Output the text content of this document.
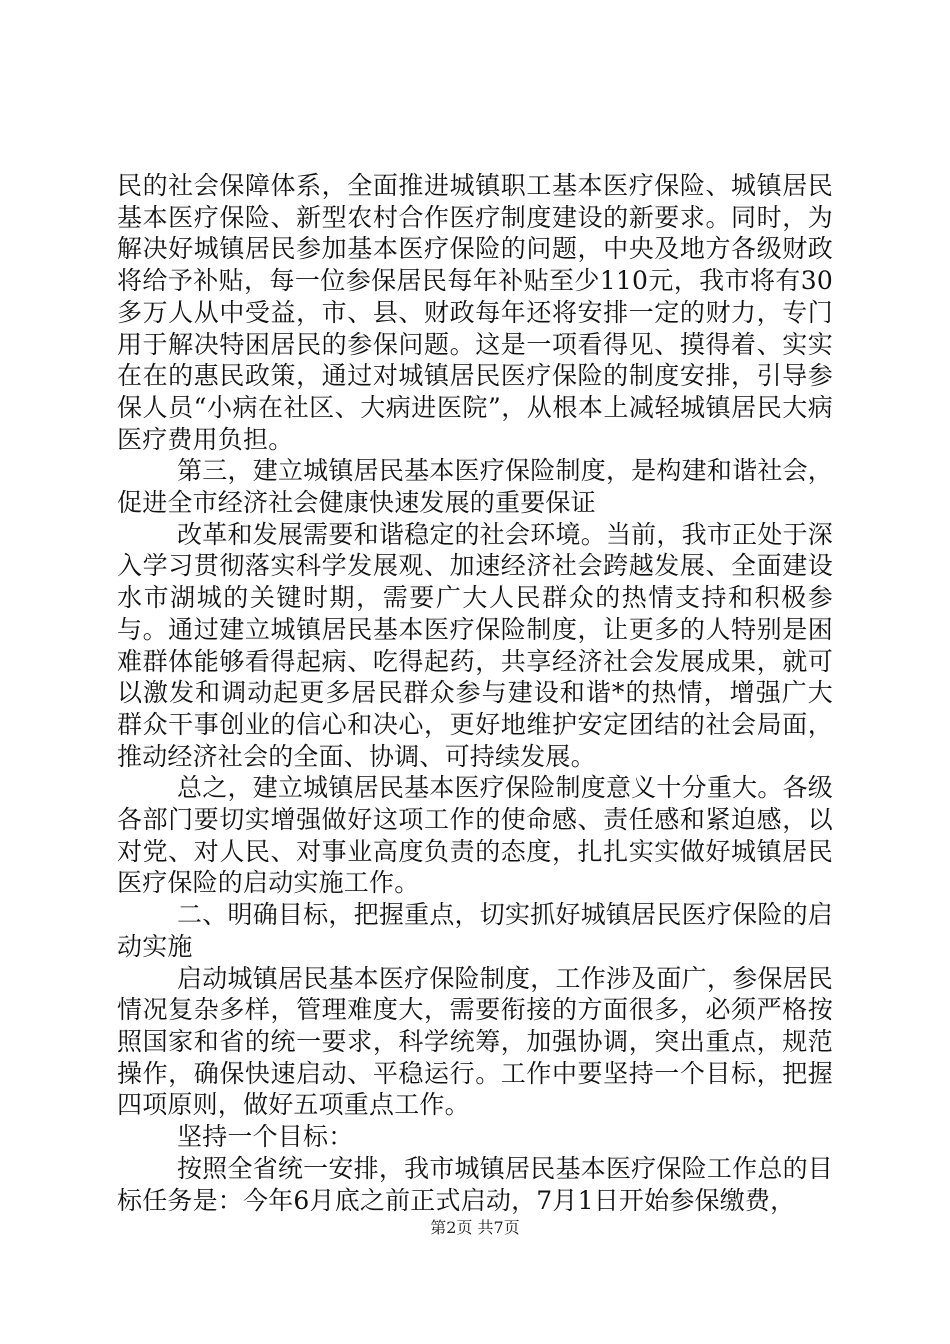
民的社会保障体系，全面推进城镇职工基本医疗保险、城镇居民基本医疗保险、新型农村合作医疗制度建设的新要求。同时，为解决好城镇居民参加基本医疗保险的问题，中央及地方各级财政将给予补贴，每一位参保居民每年补贴至少110元，我市将有30多万人从中受益，市、县、财政每年还将安排一定的财力，专门用于解决特困居民的参保问题。这是一项看得见、摸得着、实实在在的惠民政策，通过对城镇居民医疗保险的制度安排，引导参保人员“小病在社区、大病进医院”，从根本上减轻城镇居民大病医疗费用负担。

第三，建立城镇居民基本医疗保险制度，是构建和谐社会，促进全市经济社会健康快速发展的重要保证

改革和发展需要和谐稳定的社会环境。当前，我市正处于深入学习贯彻落实科学发展观、加速经济社会跨越发展、全面建设水市湖城的关键时期，需要广大人民群众的热情支持和积极参与。通过建立城镇居民基本医疗保险制度，让更多的人特别是困难群体能够看得起病、吃得起药，共享经济社会发展成果，就可以激发和调动起更多居民群众参与建设和谐*的热情，增强广大群众干事创业的信心和决心，更好地维护安定团结的社会局面，推动经济社会的全面、协调、可持续发展。

总之，建立城镇居民基本医疗保险制度意义十分重大。各级各部门要切实增强做好这项工作的使命感、责任感和紧迫感，以对党、对人民、对事业高度负责的态度，扎扎实实做好城镇居民医疗保险的启动实施工作。

二、明确目标，把握重点，切实抓好城镇居民医疗保险的启动实施

启动城镇居民基本医疗保险制度，工作涉及面广，参保居民情况复杂多样，管理难度大，需要衔接的方面很多，必须严格按照国家和省的统一要求，科学统筹，加强协调，突出重点，规范操作，确保快速启动、平稳运行。工作中要坚持一个目标，把握四项原则，做好五项重点工作。

坚持一个目标：

按照全省统一安排，我市城镇居民基本医疗保险工作总的目标任务是：今年6月底之前正式启动，7月1日开始参保缴费，

第2页 共7页
